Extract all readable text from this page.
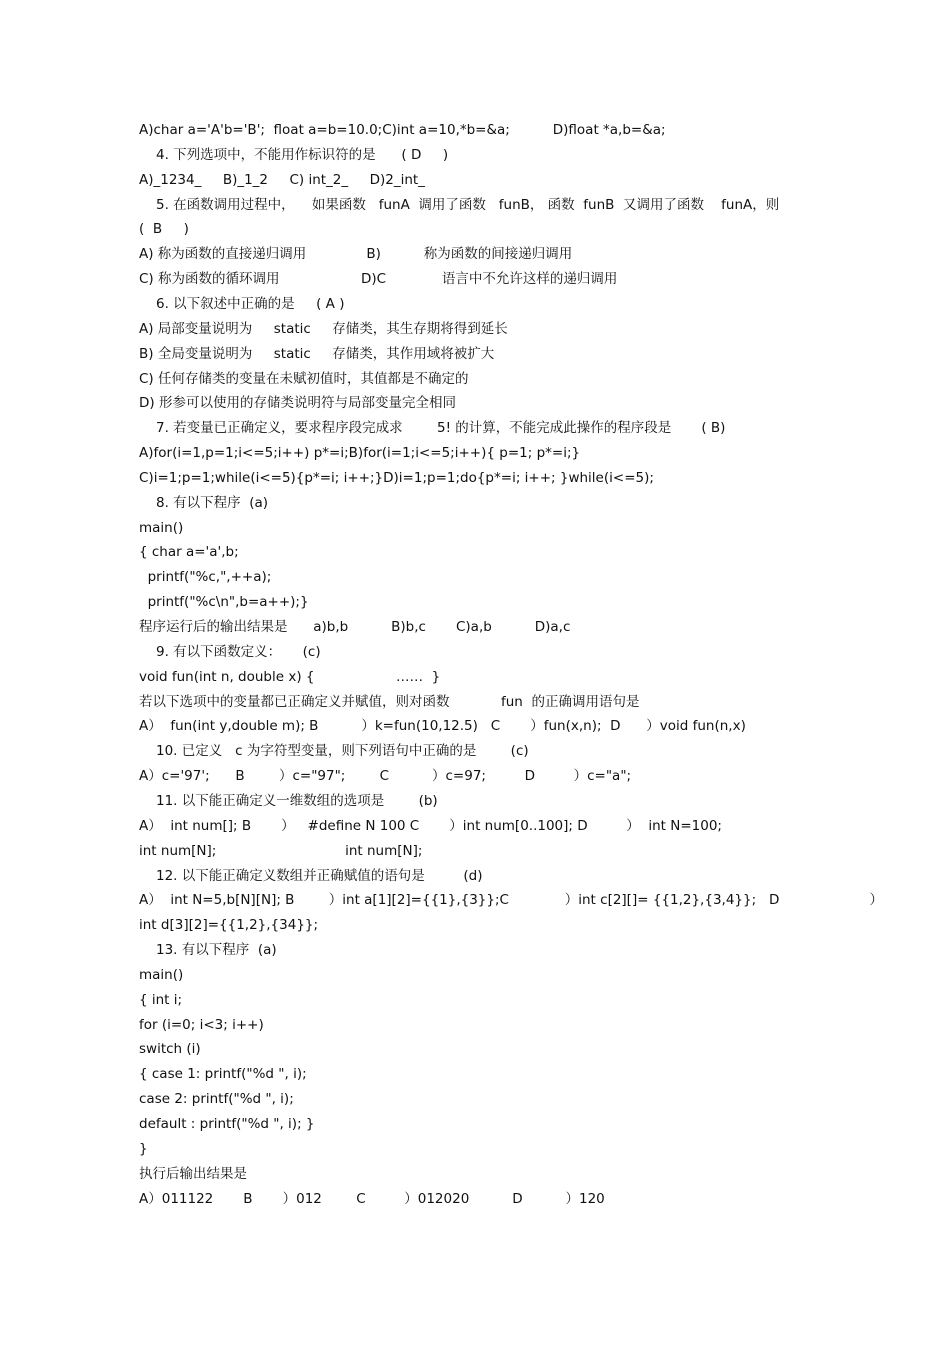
A)char a='A'b='B';  float a=b=10.0;C)int a=10,*b=&a;          D)float *a,b=&a;
4. 下列选项中，不能用作标识符的是      ( D     )
A)_1234_     B)_1_2     C) int_2_     D)2_int_
5. 在函数调用过程中，    如果函数   funA  调用了函数   funB， 函数  funB  又调用了函数    funA，则
(  B     )
A) 称为函数的直接递归调用              B)          称为函数的间接递归调用
C) 称为函数的循环调用                   D)C             语言中不允许这样的递归调用
6. 以下叙述中正确的是     ( A )
A) 局部变量说明为     static     存储类，其生存期将得到延长
B) 全局变量说明为     static     存储类，其作用域将被扩大
C) 任何存储类的变量在未赋初值时，其值都是不确定的
D) 形参可以使用的存储类说明符与局部变量完全相同
7. 若变量已正确定义，要求程序段完成求        5! 的计算，不能完成此操作的程序段是       ( B)
A)for(i=1,p=1;i<=5;i++) p*=i;B)for(i=1;i<=5;i++){ p=1; p*=i;}
C)i=1;p=1;while(i<=5){p*=i; i++;}D)i=1;p=1;do{p*=i; i++; }while(i<=5);
8. 有以下程序  (a)
main()
{ char a='a',b;
printf("%c,",++a);
printf("%c\n",b=a++);}
程序运行后的输出结果是      a)b,b          B)b,c       C)a,b          D)a,c
9. 有以下函数定义：     (c)
void fun(int n, double x) {                   ……  }
若以下选项中的变量都已正确定义并赋值，则对函数            fun  的正确调用语句是
A）  fun(int y,double m); B          ）k=fun(10,12.5)   C       ）fun(x,n);  D      ）void fun(n,x)
10. 已定义   c 为字符型变量，则下列语句中正确的是        (c)
A）c='97';      B        ）c="97";        C          ）c=97;         D         ）c="a";
11. 以下能正确定义一维数组的选项是        (b)
A）  int num[]; B       ）   #define N 100 C       ）int num[0..100]; D         ）  int N=100;
int num[N];                              int num[N];
12. 以下能正确定义数组并正确赋值的语句是         (d)
A）  int N=5,b[N][N]; B        ）int a[1][2]={{1},{3}};C             ）int c[2][]= {{1,2},{3,4}};   D                     ）
int d[3][2]={{1,2},{34}};
13. 有以下程序  (a)
main()
{ int i;
for (i=0; i<3; i++)
switch (i)
{ case 1: printf("%d ", i);
case 2: printf("%d ", i);
default : printf("%d ", i); }
}
执行后输出结果是
A）011122       B       ）012        C         ）012020          D          ）120
